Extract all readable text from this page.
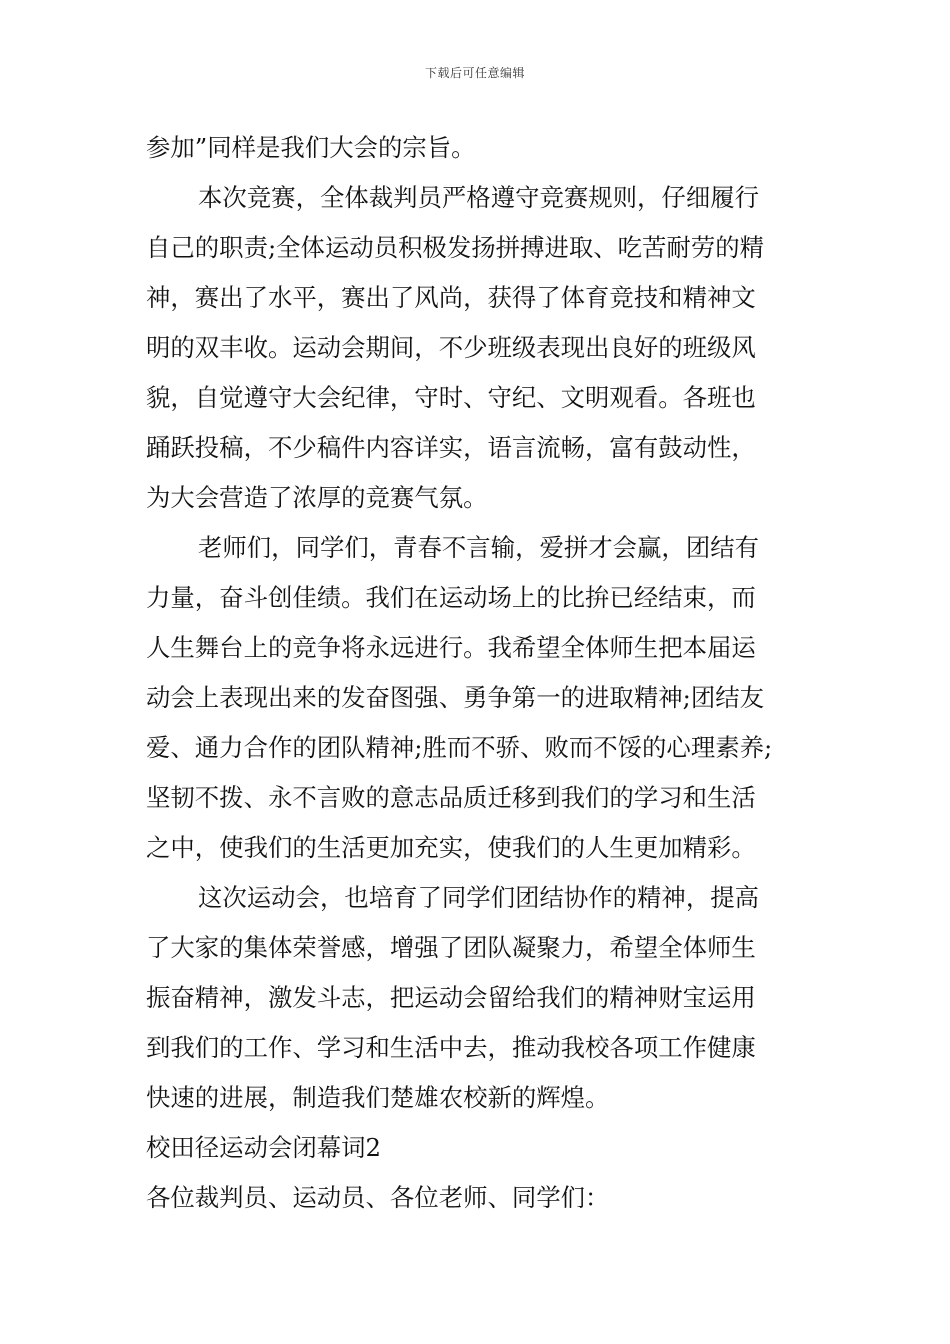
下载后可任意编辑
参加”同样是我们大会的宗旨。
本次竞赛，全体裁判员严格遵守竞赛规则，仔细履行
自己的职责;全体运动员积极发扬拼搏进取、吃苦耐劳的精
神，赛出了水平，赛出了风尚，获得了体育竞技和精神文
明的双丰收。运动会期间，不少班级表现出良好的班级风
貌，自觉遵守大会纪律，守时、守纪、文明观看。各班也
踊跃投稿，不少稿件内容详实，语言流畅，富有鼓动性，
为大会营造了浓厚的竞赛气氛。
老师们，同学们，青春不言输，爱拼才会赢，团结有
力量，奋斗创佳绩。我们在运动场上的比拚已经结束，而
人生舞台上的竞争将永远进行。我希望全体师生把本届运
动会上表现出来的发奋图强、勇争第一的进取精神;团结友
爱、通力合作的团队精神;胜而不骄、败而不馁的心理素养;
坚韧不拨、永不言败的意志品质迁移到我们的学习和生活
之中，使我们的生活更加充实，使我们的人生更加精彩。
这次运动会，也培育了同学们团结协作的精神，提高
了大家的集体荣誉感，增强了团队凝聚力，希望全体师生
振奋精神，激发斗志，把运动会留给我们的精神财宝运用
到我们的工作、学习和生活中去，推动我校各项工作健康
快速的进展，制造我们楚雄农校新的辉煌。
校田径运动会闭幕词2
各位裁判员、运动员、各位老师、同学们：
